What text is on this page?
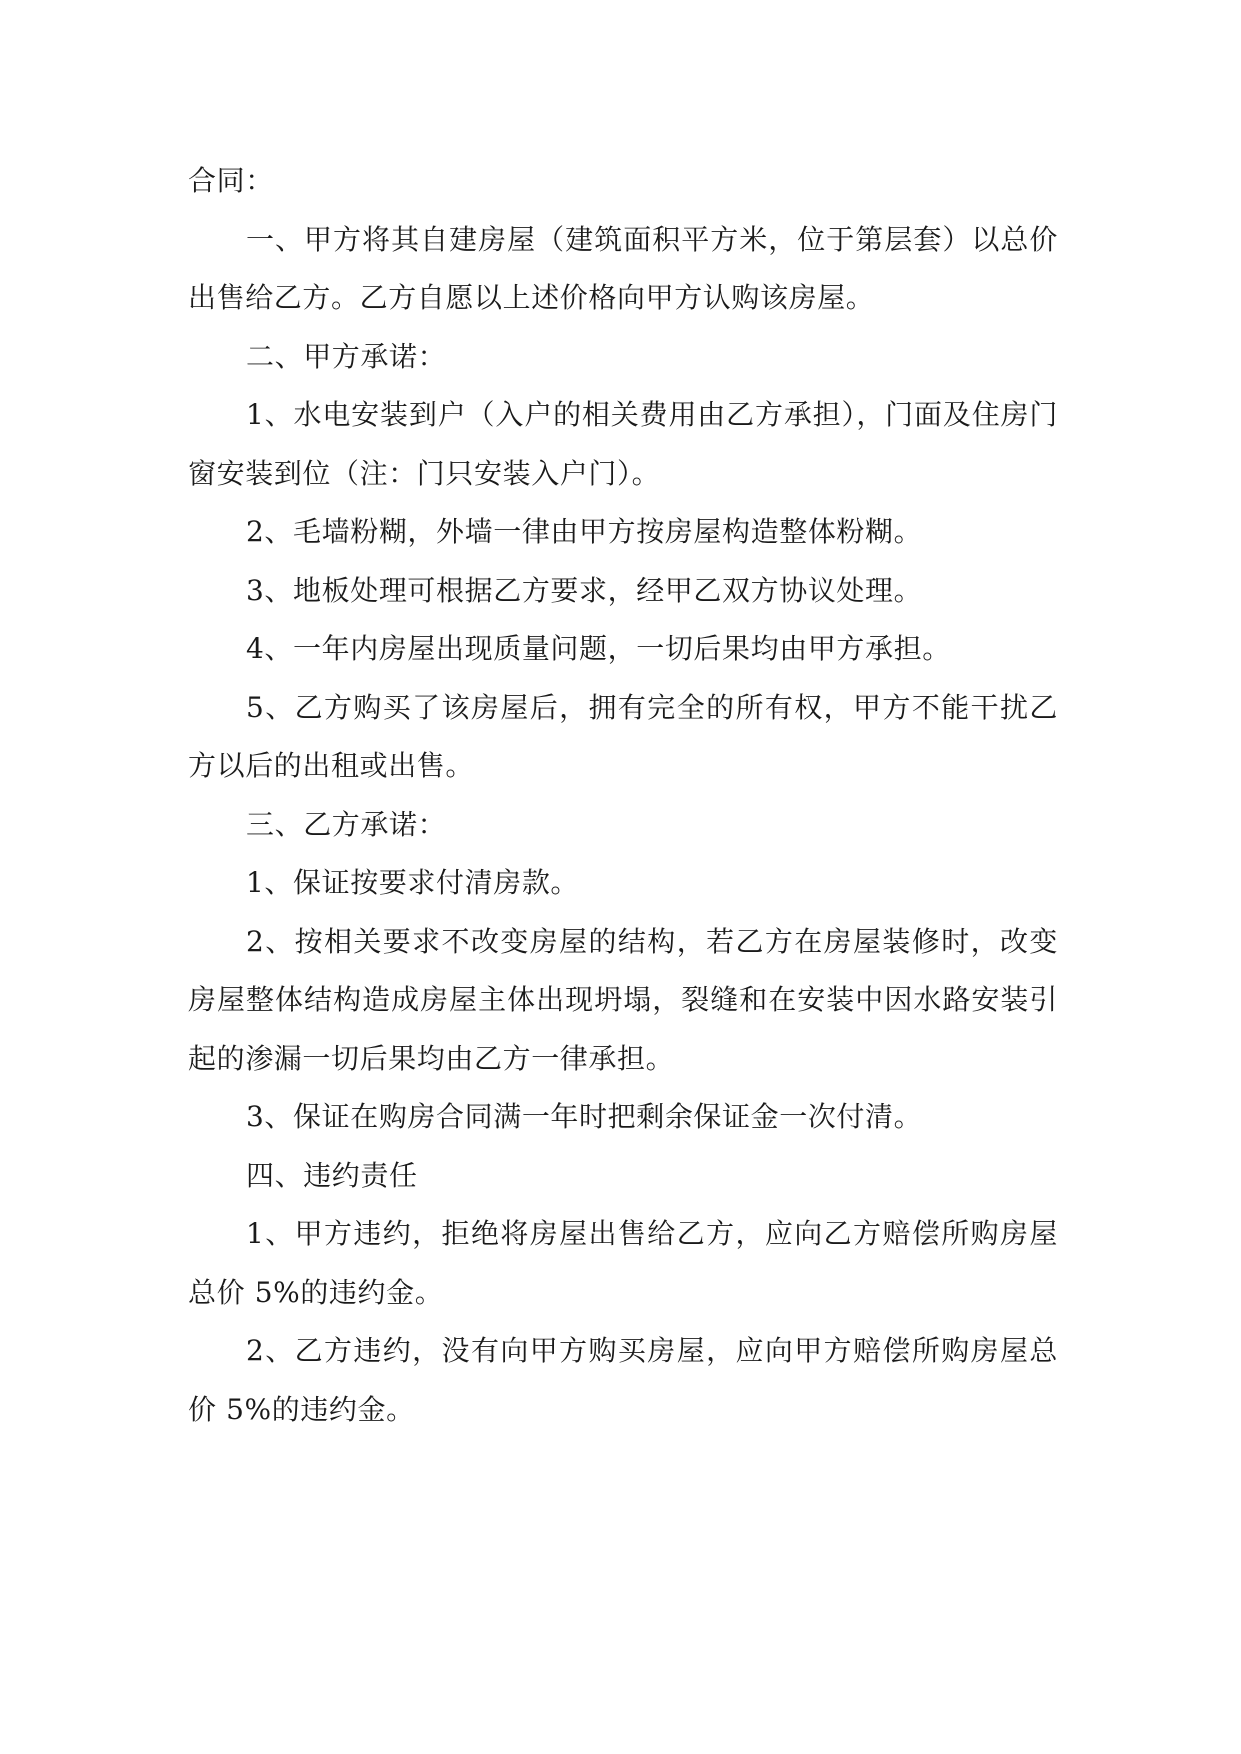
合同：

一、甲方将其自建房屋（建筑面积平方米，位于第层套）以总价出售给乙方。乙方自愿以上述价格向甲方认购该房屋。

二、甲方承诺：

1、水电安装到户（入户的相关费用由乙方承担），门面及住房门窗安装到位（注：门只安装入户门）。

2、毛墙粉糊，外墙一律由甲方按房屋构造整体粉糊。

3、地板处理可根据乙方要求，经甲乙双方协议处理。

4、一年内房屋出现质量问题，一切后果均由甲方承担。

5、乙方购买了该房屋后，拥有完全的所有权，甲方不能干扰乙方以后的出租或出售。

三、乙方承诺：

1、保证按要求付清房款。

2、按相关要求不改变房屋的结构，若乙方在房屋装修时，改变房屋整体结构造成房屋主体出现坍塌，裂缝和在安装中因水路安装引起的渗漏一切后果均由乙方一律承担。

3、保证在购房合同满一年时把剩余保证金一次付清。

四、违约责任

1、甲方违约，拒绝将房屋出售给乙方，应向乙方赔偿所购房屋总价 5%的违约金。

2、乙方违约，没有向甲方购买房屋，应向甲方赔偿所购房屋总价 5%的违约金。
